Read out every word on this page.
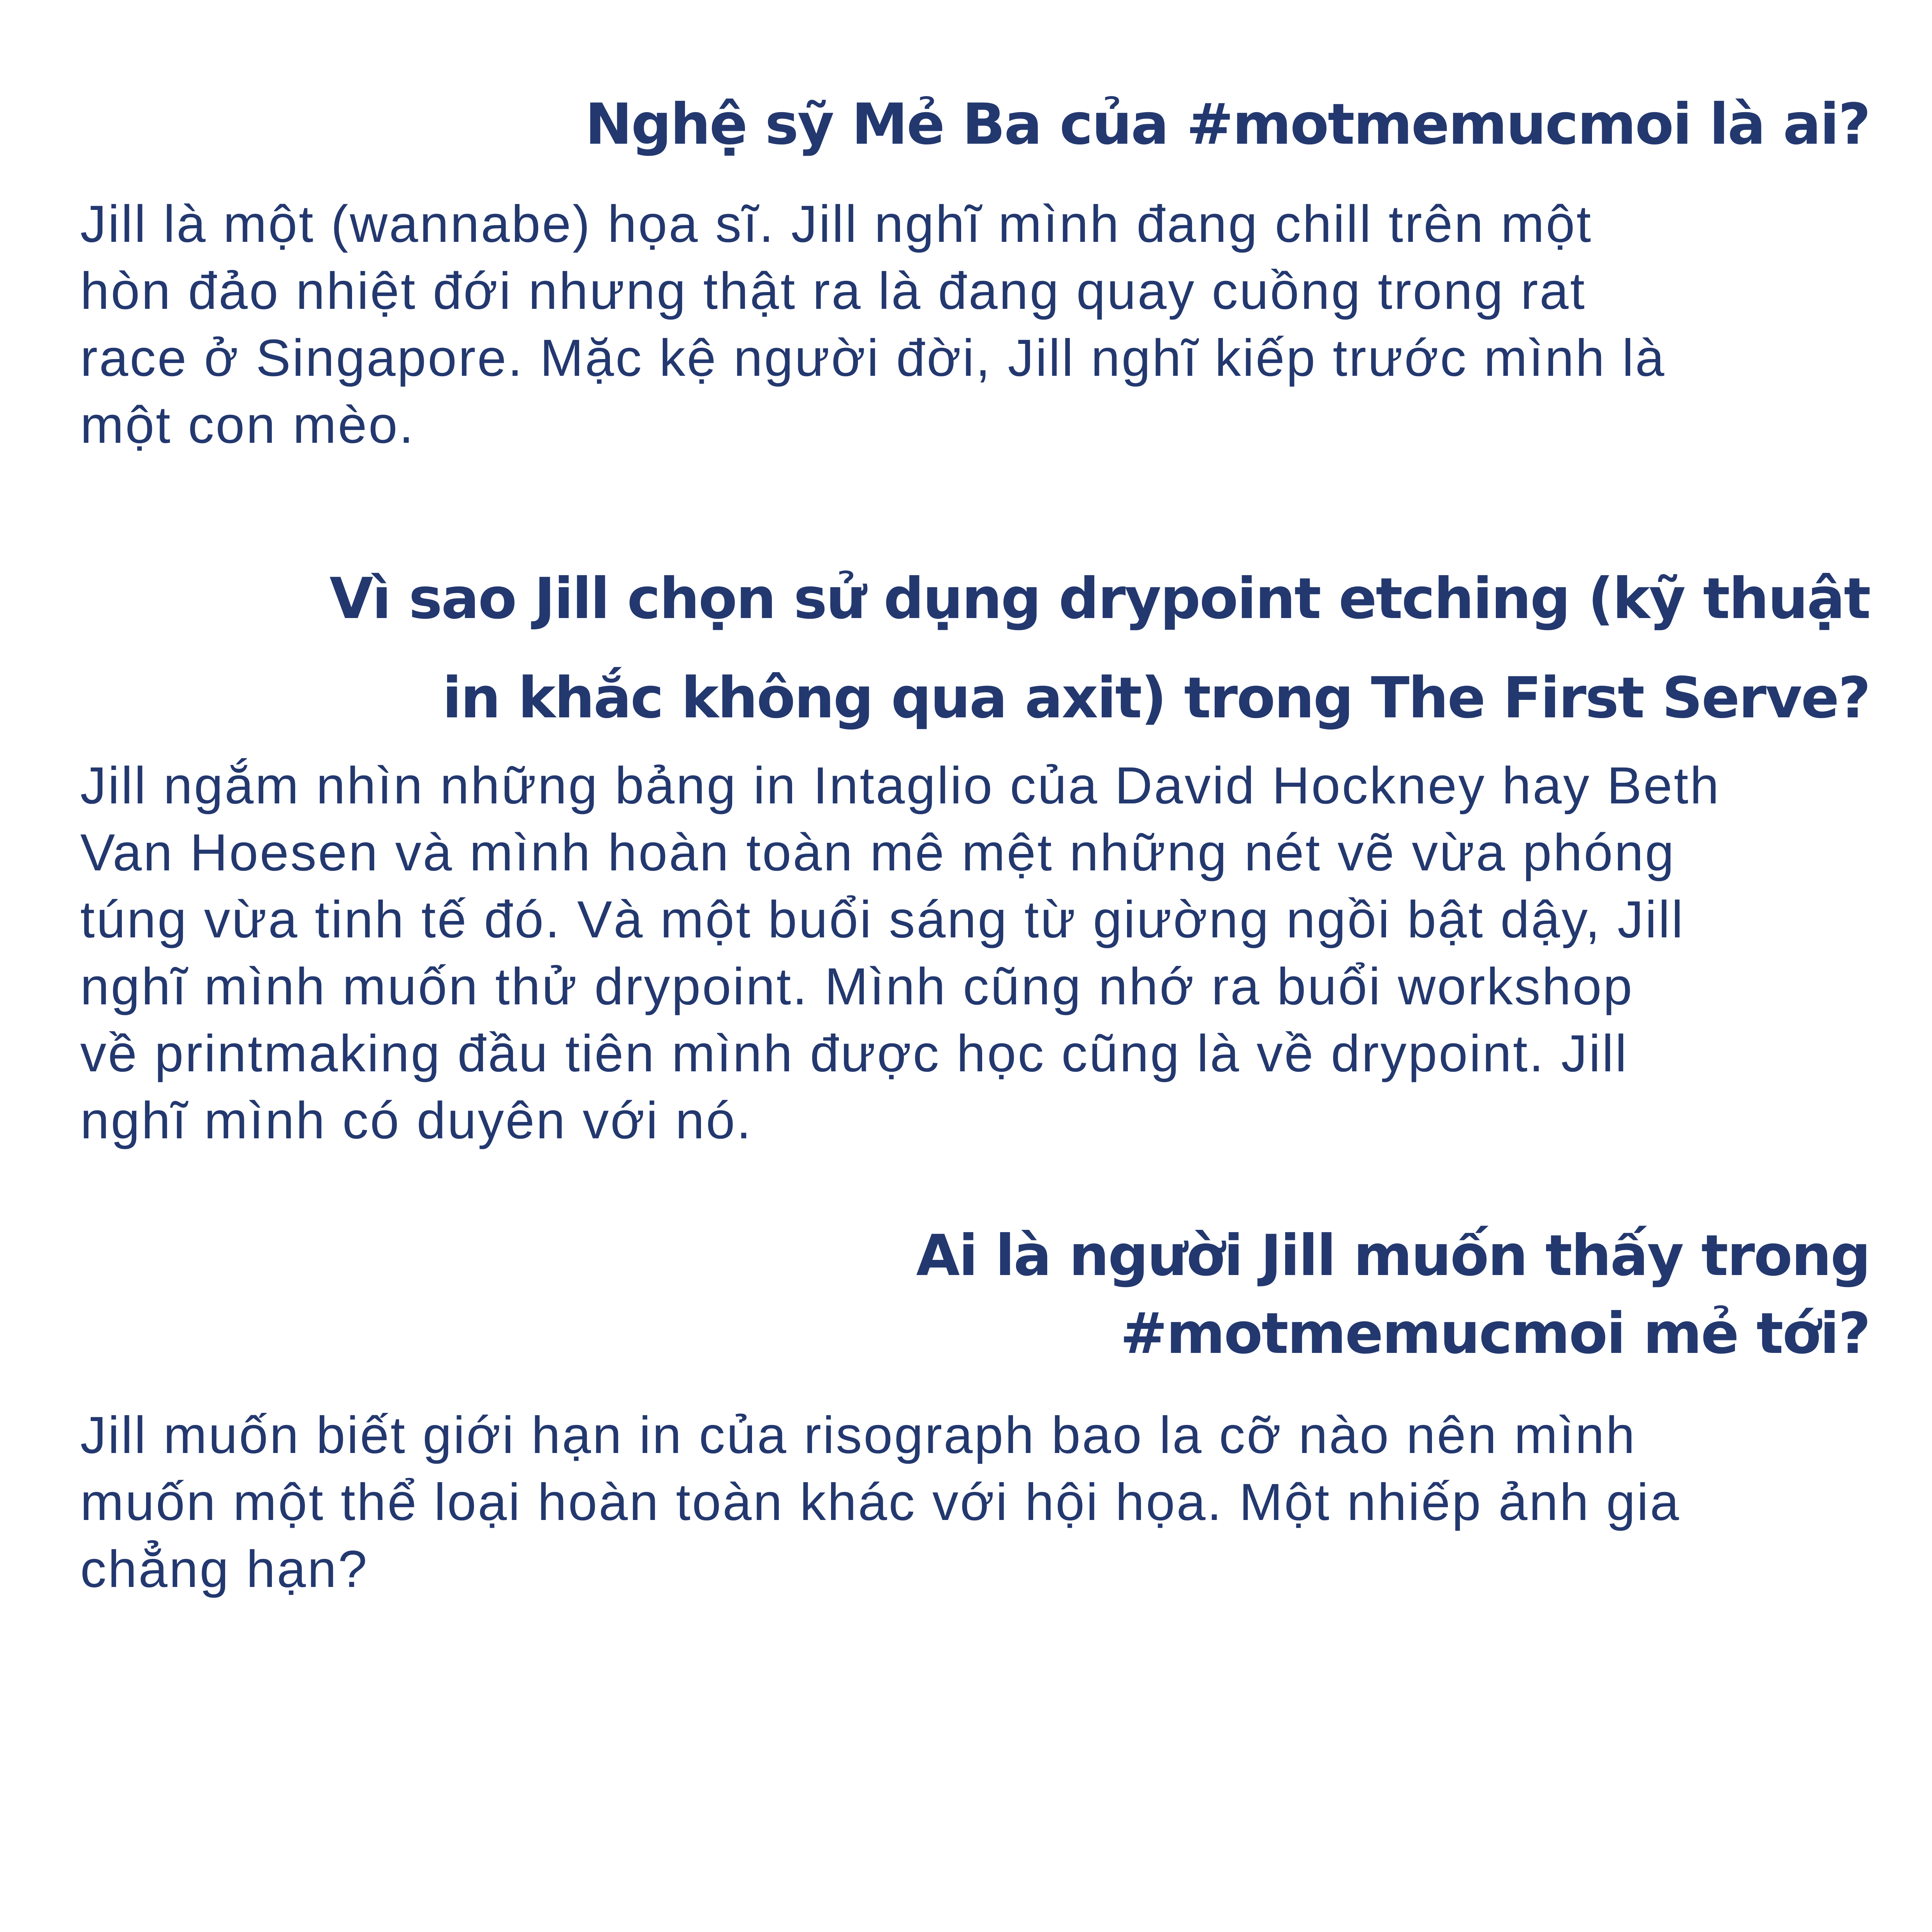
Nghệ sỹ Mẻ Ba của #motmemucmoi là ai?

Jill là một (wannabe) họa sĩ. Jill nghĩ mình đang chill trên một
hòn đảo nhiệt đới nhưng thật ra là đang quay cuồng trong rat
race ở Singapore. Mặc kệ người đời, Jill nghĩ kiếp trước mình là
một con mèo.

Vì sao Jill chọn sử dụng drypoint etching (kỹ thuật
in khắc không qua axit) trong The First Serve?

Jill ngắm nhìn những bảng in Intaglio của David Hockney hay Beth
Van Hoesen và mình hoàn toàn mê mệt những nét vẽ vừa phóng
túng vừa tinh tế đó. Và một buổi sáng từ giường ngồi bật dậy, Jill
nghĩ mình muốn thử drypoint. Mình cũng nhớ ra buổi workshop
về printmaking đầu tiên mình được học cũng là về drypoint. Jill
nghĩ mình có duyên với nó.

Ai là người Jill muốn thấy trong
#motmemucmoi mẻ tới?

Jill muốn biết giới hạn in của risograph bao la cỡ nào nên mình
muốn một thể loại hoàn toàn khác với hội họa. Một nhiếp ảnh gia
chẳng hạn?
